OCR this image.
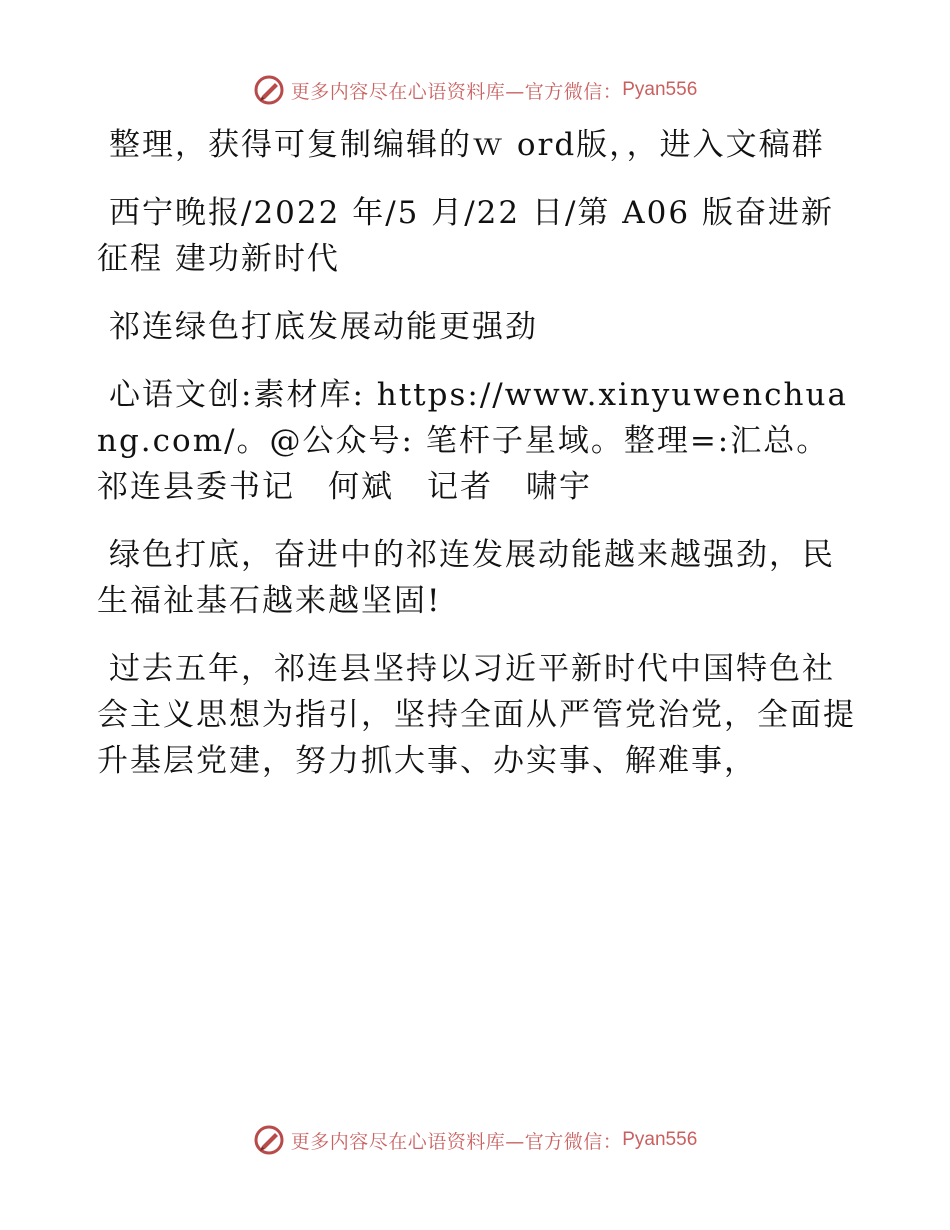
更多内容尽在心语资料库—官方微信： Pyan556

整理，获得可复制编辑的ｗ ord版，，进入文稿群

西宁晚报/2022 年/5 月/22 日/第 A06 版奋进新征程 建功新时代

祁连绿色打底发展动能更强劲

心语文创:素材库: https://www.xinyuwenchuang.com/。@公众号: 笔杆子星域。整理=:汇总。祁连县委书记　何斌　记者　啸宇

绿色打底，奋进中的祁连发展动能越来越强劲，民生福祉基石越来越坚固!

过去五年，祁连县坚持以习近平新时代中国特色社会主义思想为指引，坚持全面从严管党治党，全面提升基层党建，努力抓大事、办实事、解难事，

更多内容尽在心语资料库—官方微信： Pyan556
